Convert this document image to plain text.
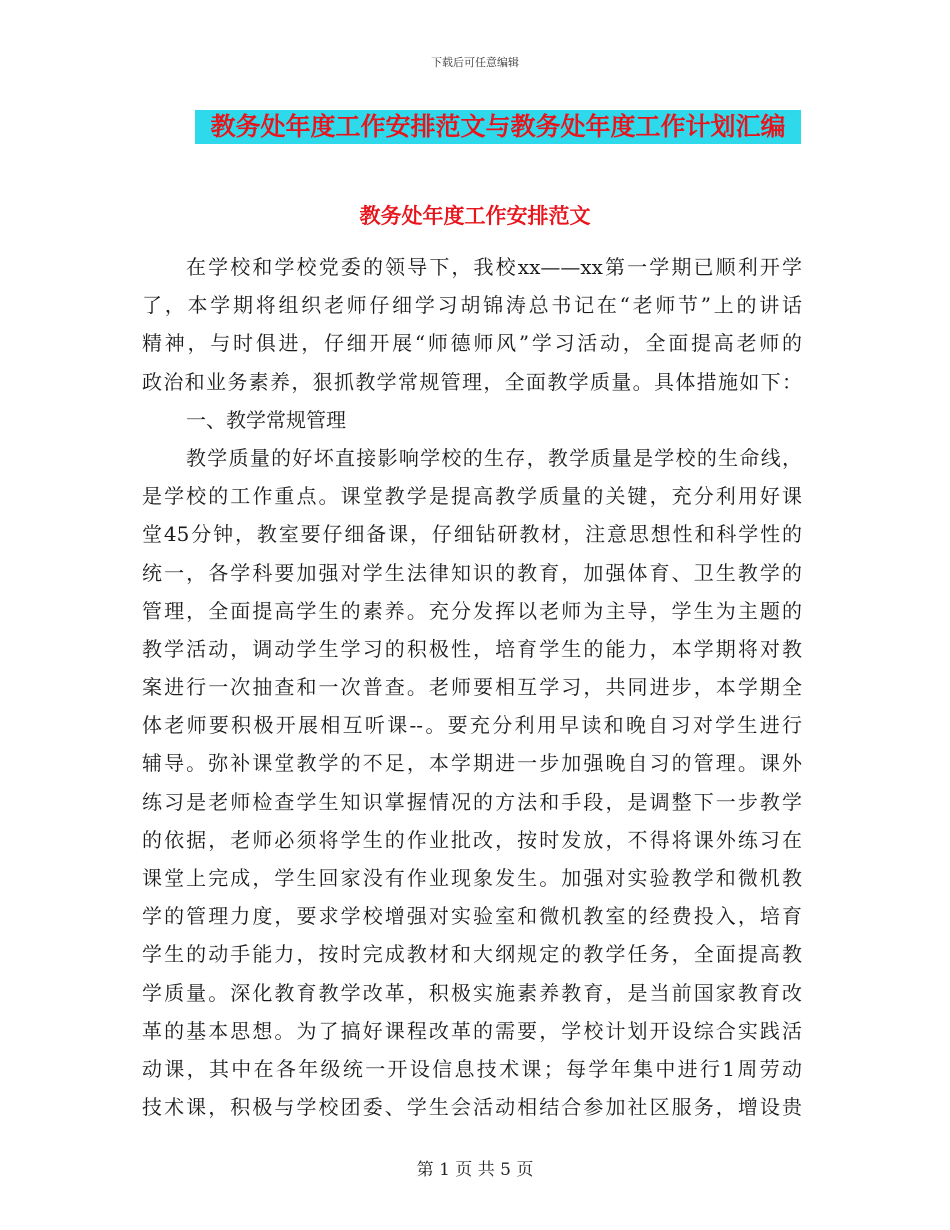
下载后可任意编辑
教务处年度工作安排范文与教务处年度工作计划汇编
教务处年度工作安排范文
在学校和学校党委的领导下，我校xx——xx第一学期已顺利开学
了，本学期将组织老师仔细学习胡锦涛总书记在“老师节”上的讲话
精神，与时俱进，仔细开展“师德师风”学习活动，全面提高老师的
政治和业务素养，狠抓教学常规管理，全面教学质量。具体措施如下：
一、教学常规管理
教学质量的好坏直接影响学校的生存，教学质量是学校的生命线，
是学校的工作重点。课堂教学是提高教学质量的关键，充分利用好课
堂45分钟，教室要仔细备课，仔细钻研教材，注意思想性和科学性的
统一，各学科要加强对学生法律知识的教育，加强体育、卫生教学的
管理，全面提高学生的素养。充分发挥以老师为主导，学生为主题的
教学活动，调动学生学习的积极性，培育学生的能力，本学期将对教
案进行一次抽查和一次普查。老师要相互学习，共同进步，本学期全
体老师要积极开展相互听课--。要充分利用早读和晚自习对学生进行
辅导。弥补课堂教学的不足，本学期进一步加强晚自习的管理。课外
练习是老师检查学生知识掌握情况的方法和手段，是调整下一步教学
的依据，老师必须将学生的作业批改，按时发放，不得将课外练习在
课堂上完成，学生回家没有作业现象发生。加强对实验教学和微机教
学的管理力度，要求学校增强对实验室和微机教室的经费投入，培育
学生的动手能力，按时完成教材和大纲规定的教学任务，全面提高教
学质量。深化教育教学改革，积极实施素养教育，是当前国家教育改
革的基本思想。为了搞好课程改革的需要，学校计划开设综合实践活
动课，其中在各年级统一开设信息技术课；每学年集中进行1周劳动
技术课，积极与学校团委、学生会活动相结合参加社区服务，增设贵
第 1 页 共 5 页
